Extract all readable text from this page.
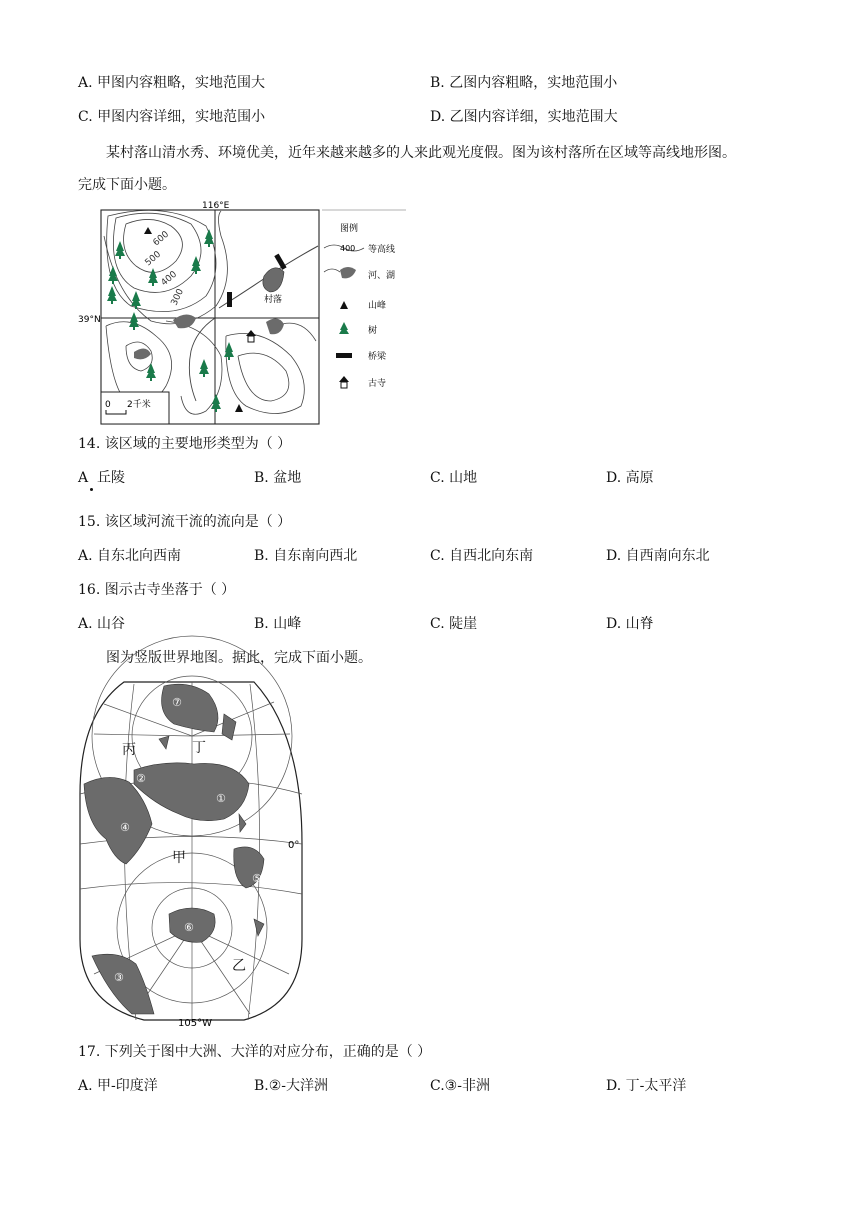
A. 甲图内容粗略，实地范围大	B. 乙图内容粗略，实地范围小
C. 甲图内容详细，实地范围小	D. 乙图内容详细，实地范围大
某村落山清水秀、环境优美，近年来越来越多的人来此观光度假。图为该村落所在区域等高线地形图。
完成下面小题。
116°E
39°N
600
500
400
300	村落
0 2千米
图例
400 等高线
河、湖
山峰
树
桥梁
古寺
14. 该区域的主要地形类型为（ ）
A 丘陵	B. 盆地	C. 山地	D. 高原
15. 该区域河流干流的流向是（ ）
A. 自东北向西南	B. 自东南向西北	C. 自西北向东南	D. 自西南向东北
16. 图示古寺坐落于（ ）
A. 山谷	B. 山峰	C. 陡崖	D. 山脊
图为竖版世界地图。据此，完成下面小题。
丙	丁
甲
乙
①
②
③
④
⑤
⑥
⑦
0°
105°W
17. 下列关于图中大洲、大洋的对应分布，正确的是（ ）
A. 甲-印度洋	B.②-大洋洲	C.③-非洲	D. 丁-太平洋
